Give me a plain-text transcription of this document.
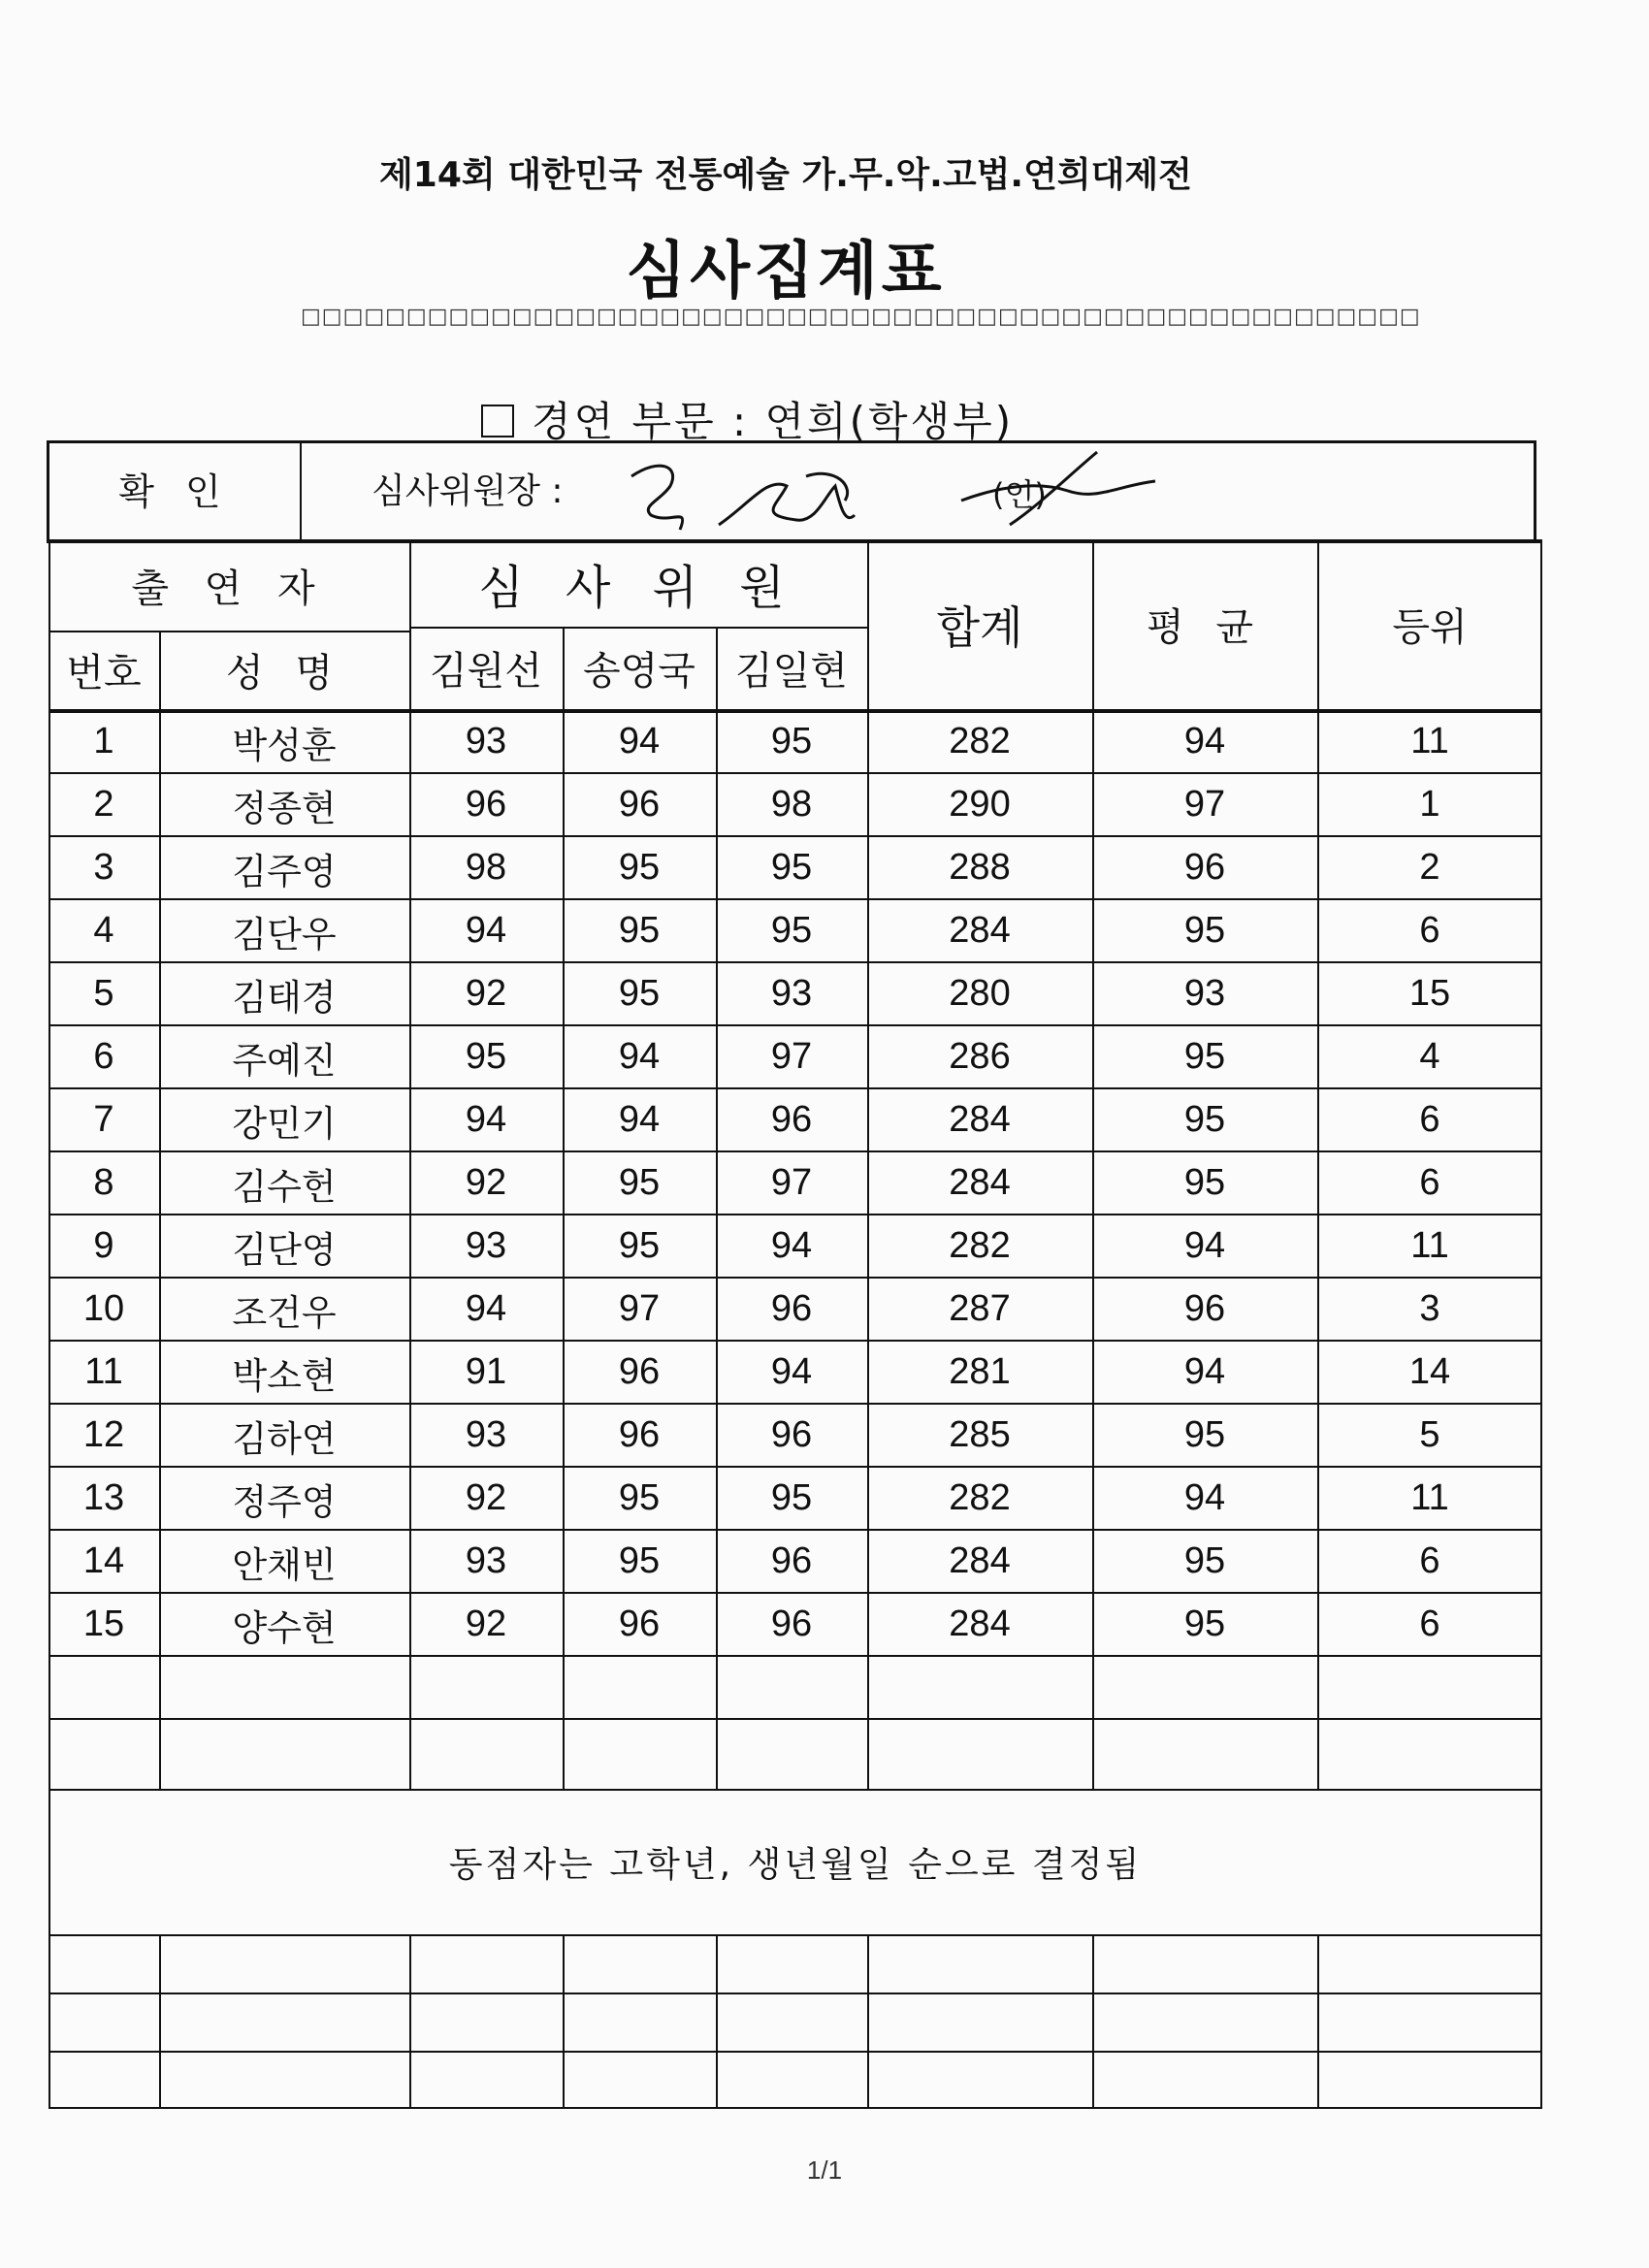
제14회 대한민국 전통예술 가.무.악.고법.연희대제전
심사집계표
□□□□□□□□□□□□□□□□□□□□□□□□□□□□□□□□□□□□□□□□□□□□□□□□□□□□□
경연 부문 : 연희(학생부)
확 인	심사위원장 :	(인)
출 연 자	심 사 위 원
번호	성 명	김원선	송영국	김일현
합계	평 균	등위
1	박성훈	93	94	95	282	94	11
2	정종현	96	96	98	290	97	1
3	김주영	98	95	95	288	96	2
4	김단우	94	95	95	284	95	6
5	김태경	92	95	93	280	93	15
6	주예진	95	94	97	286	95	4
7	강민기	94	94	96	284	95	6
8	김수헌	92	95	97	284	95	6
9	김단영	93	95	94	282	94	11
10	조건우	94	97	96	287	96	3
11	박소현	91	96	94	281	94	14
12	김하연	93	96	96	285	95	5
13	정주영	92	95	95	282	94	11
14	안채빈	93	95	96	284	95	6
15	양수현	92	96	96	284	95	6
동점자는 고학년, 생년월일 순으로 결정됨
1/1
